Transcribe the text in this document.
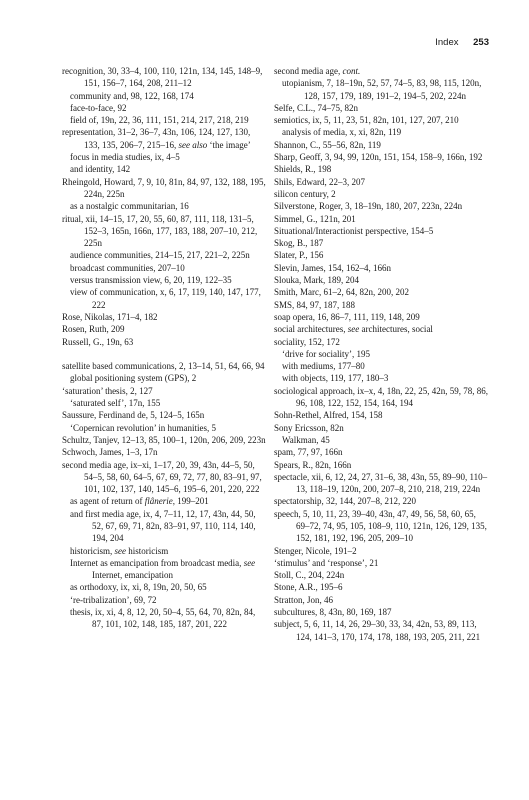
Index 253
recognition, 30, 33–4, 100, 110, 121n, 134, 145, 148–9, 151, 156–7, 164, 208, 211–12
community and, 98, 122, 168, 174
face-to-face, 92
field of, 19n, 22, 36, 111, 151, 214, 217, 218, 219
representation, 31–2, 36–7, 43n, 106, 124, 127, 130, 133, 135, 206–7, 215–16, see also ‘the image’
focus in media studies, ix, 4–5
and identity, 142
Rheingold, Howard, 7, 9, 10, 81n, 84, 97, 132, 188, 195, 224n, 225n
as a nostalgic communitarian, 16
ritual, xii, 14–15, 17, 20, 55, 60, 87, 111, 118, 131–5, 152–3, 165n, 166n, 177, 183, 188, 207–10, 212, 225n
audience communities, 214–15, 217, 221–2, 225n
broadcast communities, 207–10
versus transmission view, 6, 20, 119, 122–35
view of communication, x, 6, 17, 119, 140, 147, 177, 222
Rose, Nikolas, 171–4, 182
Rosen, Ruth, 209
Russell, G., 19n, 63
satellite based communications, 2, 13–14, 51, 64, 66, 94
global positioning system (GPS), 2
‘saturation’ thesis, 2, 127
‘saturated self’, 17n, 155
Saussure, Ferdinand de, 5, 124–5, 165n
‘Copernican revolution’ in humanities, 5
Schultz, Tanjev, 12–13, 85, 100–1, 120n, 206, 209, 223n
Schwoch, James, 1–3, 17n
second media age, ix–xi, 1–17, 20, 39, 43n, 44–5, 50, 54–5, 58, 60, 64–5, 67, 69, 72, 77, 80, 83–91, 97, 101, 102, 137, 140, 145–6, 195–6, 201, 220, 222
as agent of return of flânerie, 199–201
and first media age, ix, 4, 7–11, 12, 17, 43n, 44, 50, 52, 67, 69, 71, 82n, 83–91, 97, 110, 114, 140, 194, 204
historicism, see historicism
Internet as emancipation from broadcast media, see Internet, emancipation
as orthodoxy, ix, xi, 8, 19n, 20, 50, 65
‘re-tribalization’, 69, 72
thesis, ix, xi, 4, 8, 12, 20, 50–4, 55, 64, 70, 82n, 84, 87, 101, 102, 148, 185, 187, 201, 222
second media age, cont.
utopianism, 7, 18–19n, 52, 57, 74–5, 83, 98, 115, 120n, 128, 157, 179, 189, 191–2, 194–5, 202, 224n
Selfe, C.L., 74–75, 82n
semiotics, ix, 5, 11, 23, 51, 82n, 101, 127, 207, 210
analysis of media, x, xi, 82n, 119
Shannon, C., 55–56, 82n, 119
Sharp, Geoff, 3, 94, 99, 120n, 151, 154, 158–9, 166n, 192
Shields, R., 198
Shils, Edward, 22–3, 207
silicon century, 2
Silverstone, Roger, 3, 18–19n, 180, 207, 223n, 224n
Simmel, G., 121n, 201
Situational/Interactionist perspective, 154–5
Skog, B., 187
Slater, P., 156
Slevin, James, 154, 162–4, 166n
Slouka, Mark, 189, 204
Smith, Marc, 61–2, 64, 82n, 200, 202
SMS, 84, 97, 187, 188
soap opera, 16, 86–7, 111, 119, 148, 209
social architectures, see architectures, social
sociality, 152, 172
‘drive for sociality’, 195
with mediums, 177–80
with objects, 119, 177, 180–3
sociological approach, ix–x, 4, 18n, 22, 25, 42n, 59, 78, 86, 96, 108, 122, 152, 154, 164, 194
Sohn-Rethel, Alfred, 154, 158
Sony Ericsson, 82n
Walkman, 45
spam, 77, 97, 166n
Spears, R., 82n, 166n
spectacle, xii, 6, 12, 24, 27, 31–6, 38, 43n, 55, 89–90, 110–13, 118–19, 120n, 200, 207–8, 210, 218, 219, 224n
spectatorship, 32, 144, 207–8, 212, 220
speech, 5, 10, 11, 23, 39–40, 43n, 47, 49, 56, 58, 60, 65, 69–72, 74, 95, 105, 108–9, 110, 121n, 126, 129, 135, 152, 181, 192, 196, 205, 209–10
Stenger, Nicole, 191–2
‘stimulus’ and ‘response’, 21
Stoll, C., 204, 224n
Stone, A.R., 195–6
Stratton, Jon, 46
subcultures, 8, 43n, 80, 169, 187
subject, 5, 6, 11, 14, 26, 29–30, 33, 34, 42n, 53, 89, 113, 124, 141–3, 170, 174, 178, 188, 193, 205, 211, 221
